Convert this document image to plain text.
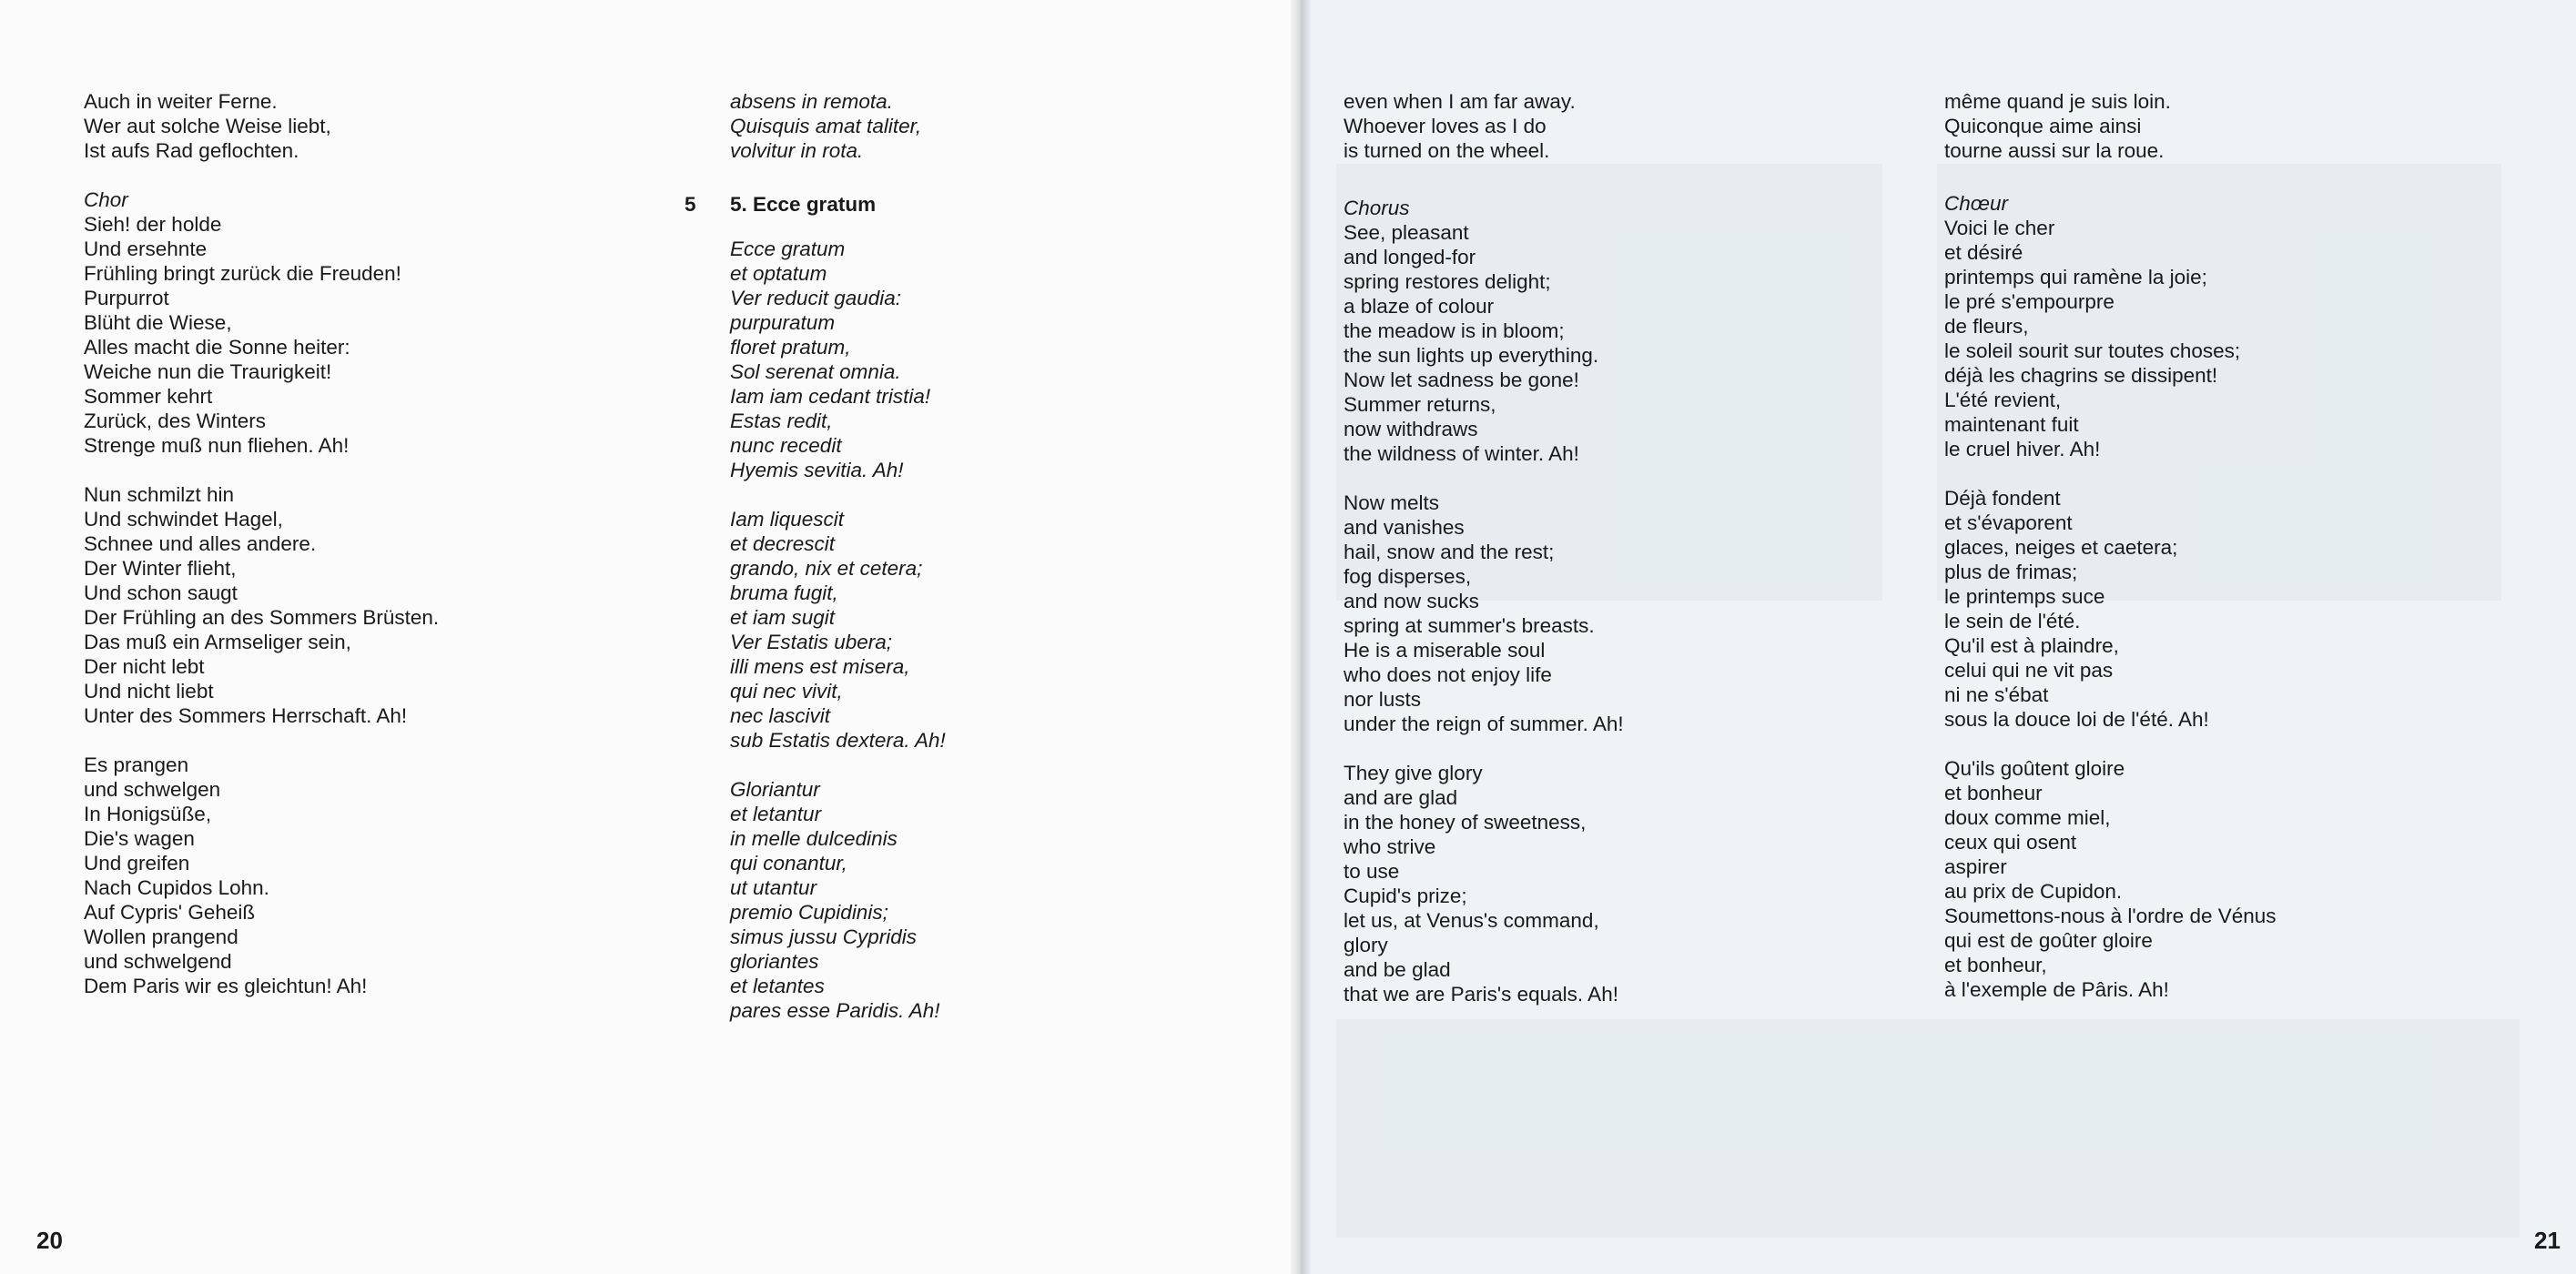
Auch in weiter Ferne.
Wer aut solche Weise liebt,
Ist aufs Rad geflochten.
Chor
Sieh! der holde
Und ersehnte
Frühling bringt zurück die Freuden!
Purpurrot
Blüht die Wiese,
Alles macht die Sonne heiter:
Weiche nun die Traurigkeit!
Sommer kehrt
Zurück, des Winters
Strenge muß nun fliehen. Ah!
Nun schmilzt hin
Und schwindet Hagel,
Schnee und alles andere.
Der Winter flieht,
Und schon saugt
Der Frühling an des Sommers Brüsten.
Das muß ein Armseliger sein,
Der nicht lebt
Und nicht liebt
Unter des Sommers Herrschaft. Ah!
Es prangen
und schwelgen
In Honigsüße,
Die's wagen
Und greifen
Nach Cupidos Lohn.
Auf Cypris' Geheiß
Wollen prangend
und schwelgend
Dem Paris wir es gleichtun! Ah!
5 5. Ecce gratum
absens in remota.
Quisquis amat taliter,
volvitur in rota.
Ecce gratum
et optatum
Ver reducit gaudia:
purpuratum
floret pratum,
Sol serenat omnia.
Iam iam cedant tristia!
Estas redit,
nunc recedit
Hyemis sevitia. Ah!
Iam liquescit
et decrescit
grando, nix et cetera;
bruma fugit,
et iam sugit
Ver Estatis ubera;
illi mens est misera,
qui nec vivit,
nec lascivit
sub Estatis dextera. Ah!
Gloriantur
et letantur
in melle dulcedinis
qui conantur,
ut utantur
premio Cupidinis;
simus jussu Cypridis
gloriantes
et letantes
pares esse Paridis. Ah!
20
even when I am far away.
Whoever loves as I do
is turned on the wheel.
Chorus
See, pleasant
and longed-for
spring restores delight;
a blaze of colour
the meadow is in bloom;
the sun lights up everything.
Now let sadness be gone!
Summer returns,
now withdraws
the wildness of winter. Ah!
Now melts
and vanishes
hail, snow and the rest;
fog disperses,
and now sucks
spring at summer's breasts.
He is a miserable soul
who does not enjoy life
nor lusts
under the reign of summer. Ah!
They give glory
and are glad
in the honey of sweetness,
who strive
to use
Cupid's prize;
let us, at Venus's command,
glory
and be glad
that we are Paris's equals. Ah!
même quand je suis loin.
Quiconque aime ainsi
tourne aussi sur la roue.
Chœur
Voici le cher
et désiré
printemps qui ramène la joie;
le pré s'empourpre
de fleurs,
le soleil sourit sur toutes choses;
déjà les chagrins se dissipent!
L'été revient,
maintenant fuit
le cruel hiver. Ah!
Déjà fondent
et s'évaporent
glaces, neiges et caetera;
plus de frimas;
le printemps suce
le sein de l'été.
Qu'il est à plaindre,
celui qui ne vit pas
ni ne s'ébat
sous la douce loi de l'été. Ah!
Qu'ils goûtent gloire
et bonheur
doux comme miel,
ceux qui osent
aspirer
au prix de Cupidon.
Soumettons-nous à l'ordre de Vénus
qui est de goûter gloire
et bonheur,
à l'exemple de Pâris. Ah!
21
